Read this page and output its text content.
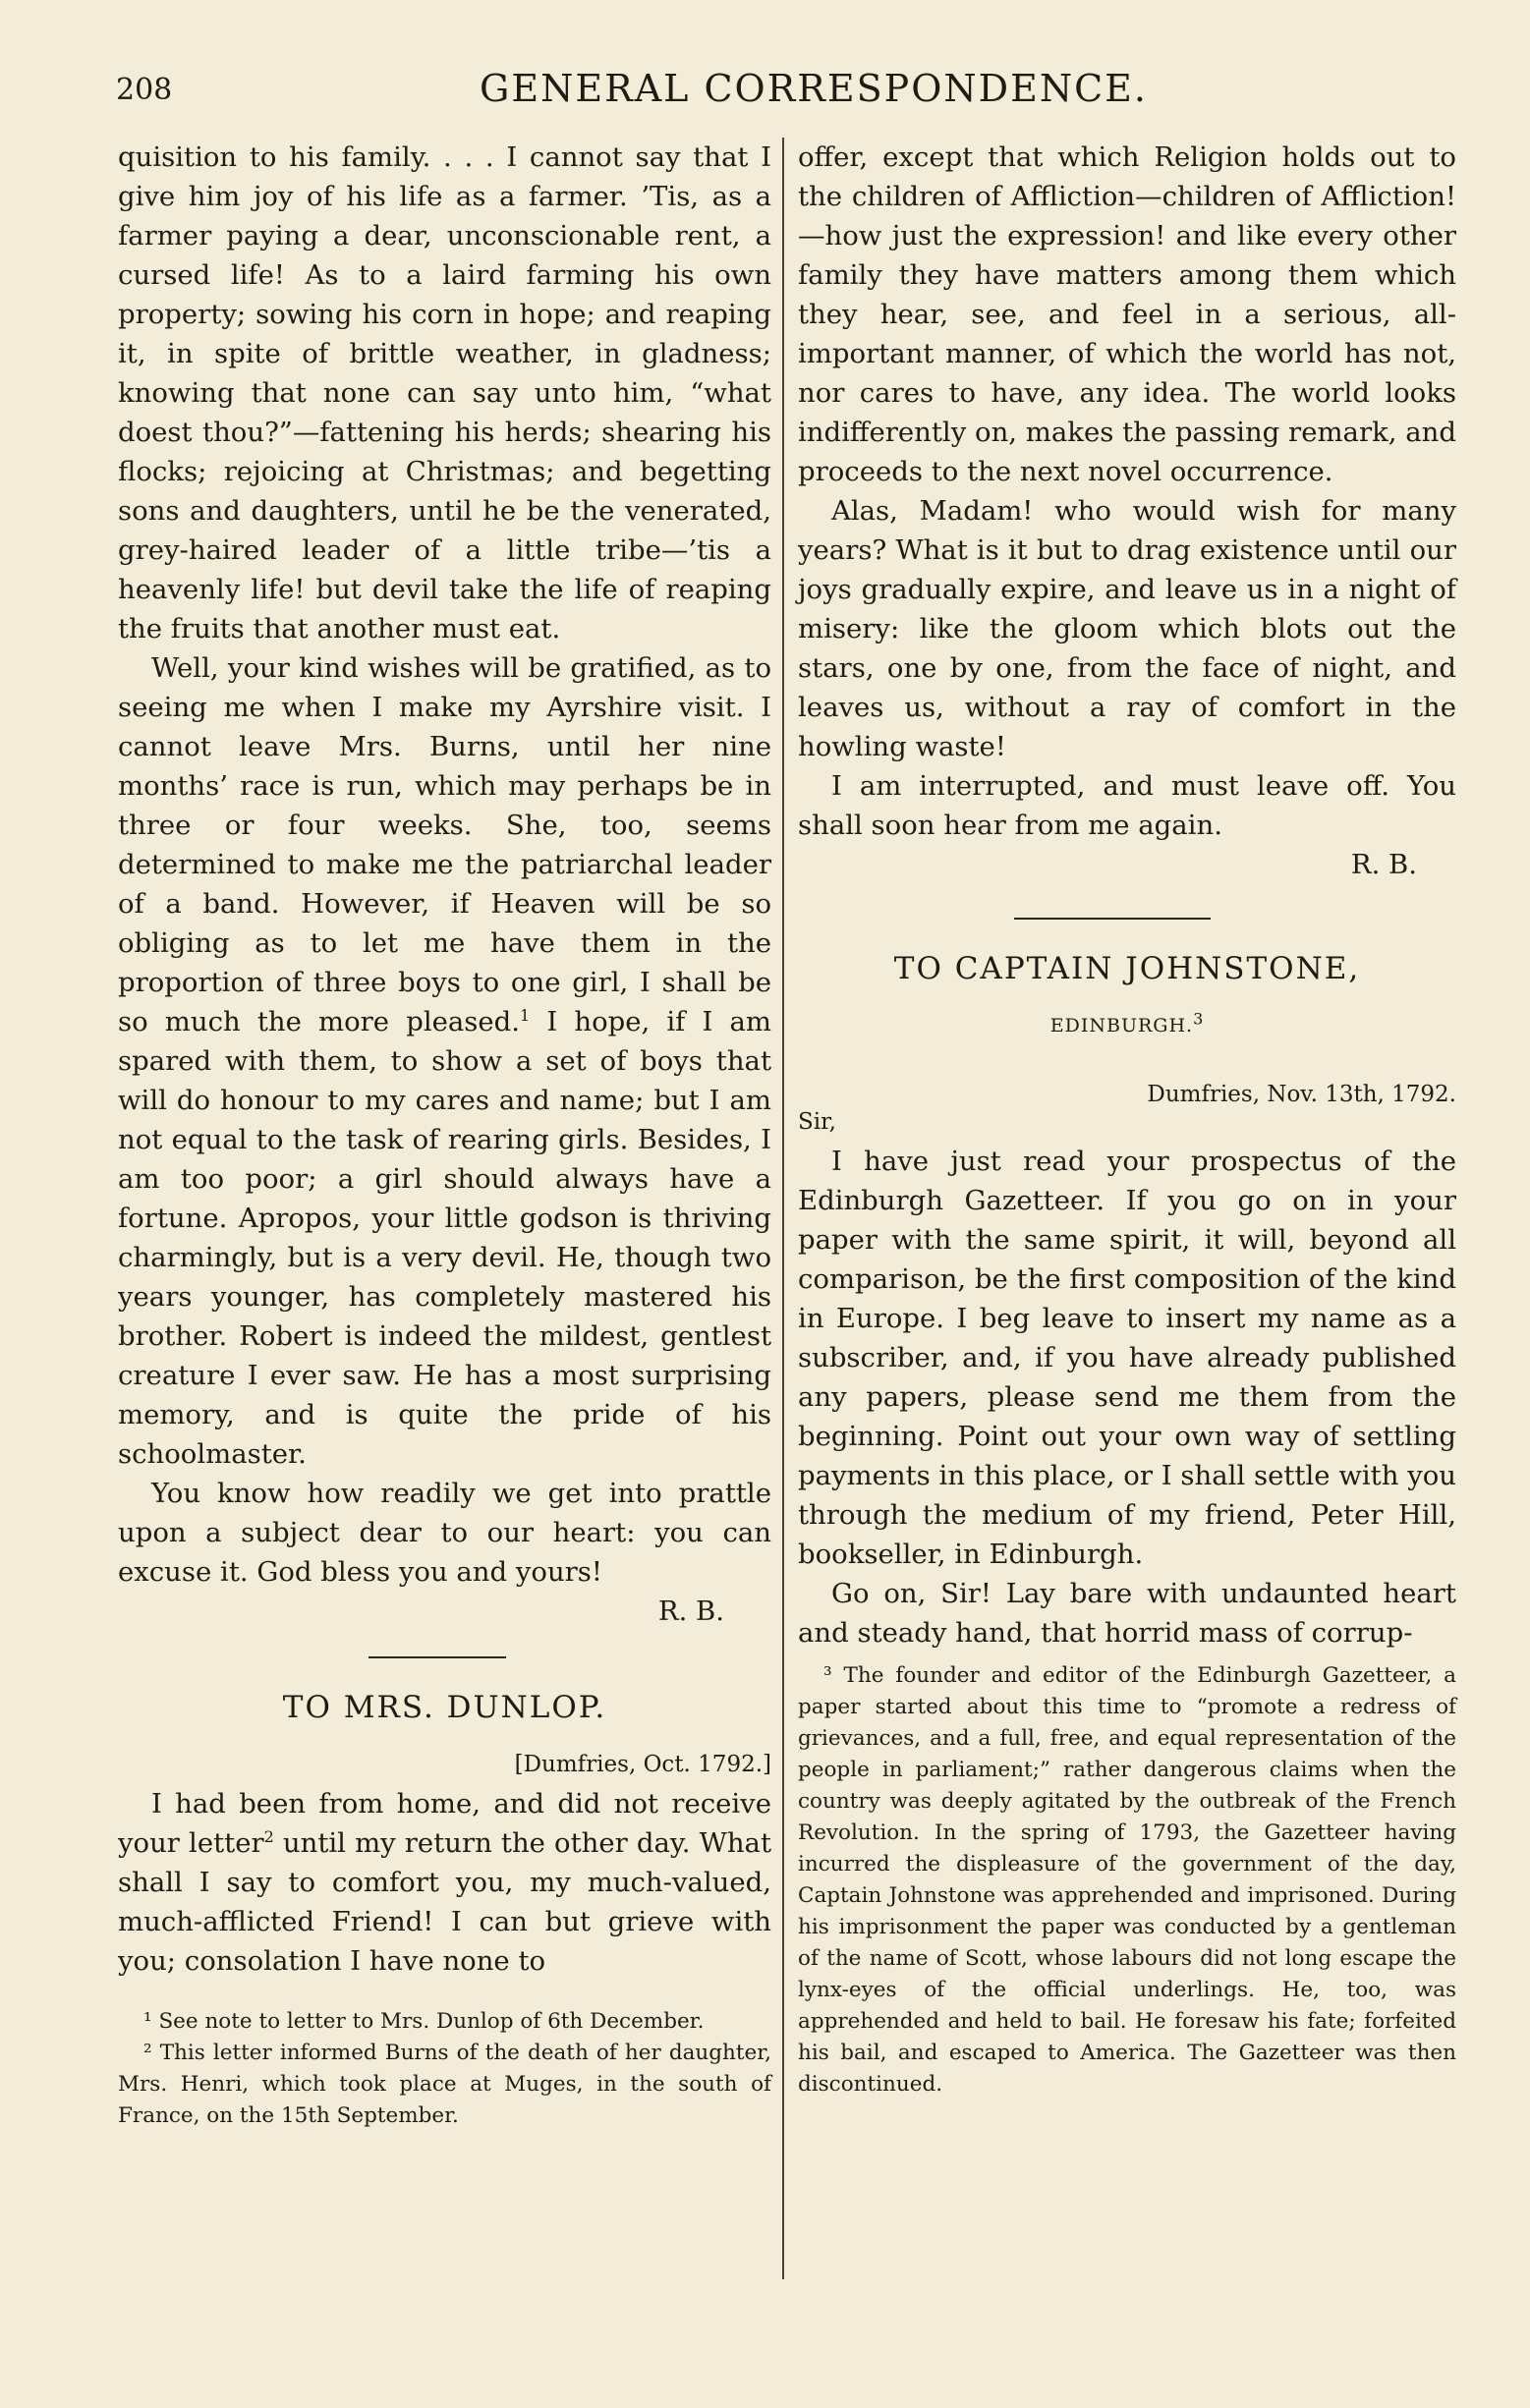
208	GENERAL CORRESPONDENCE.

quisition to his family. . . . I cannot say that I give him joy of his life as a farmer. ’Tis, as a farmer paying a dear, unconscionable rent, a cursed life! As to a laird farming his own property; sowing his corn in hope; and reaping it, in spite of brittle weather, in gladness; knowing that none can say unto him, “what doest thou?”—fattening his herds; shearing his flocks; rejoicing at Christmas; and begetting sons and daughters, until he be the venerated, grey-haired leader of a little tribe—’tis a heavenly life! but devil take the life of reaping the fruits that another must eat.

Well, your kind wishes will be gratified, as to seeing me when I make my Ayrshire visit. I cannot leave Mrs. Burns, until her nine months’ race is run, which may perhaps be in three or four weeks. She, too, seems determined to make me the patriarchal leader of a band. However, if Heaven will be so obliging as to let me have them in the proportion of three boys to one girl, I shall be so much the more pleased.$^1$ I hope, if I am spared with them, to show a set of boys that will do honour to my cares and name; but I am not equal to the task of rearing girls. Besides, I am too poor; a girl should always have a fortune. Apropos, your little godson is thriving charmingly, but is a very devil. He, though two years younger, has completely mastered his brother. Robert is indeed the mildest, gentlest creature I ever saw. He has a most surprising memory, and is quite the pride of his schoolmaster.

You know how readily we get into prattle upon a subject dear to our heart: you can excuse it. God bless you and yours!

R. B.

TO MRS. DUNLOP.

[Dumfries, Oct. 1792.]

I had been from home, and did not receive your letter$^2$ until my return the other day. What shall I say to comfort you, my much-valued, much-afflicted Friend! I can but grieve with you; consolation I have none to

¹ See note to letter to Mrs. Dunlop of 6th December.

² This letter informed Burns of the death of her daughter, Mrs. Henri, which took place at Muges, in the south of France, on the 15th September.

offer, except that which Religion holds out to the children of Affliction—children of Affliction!—how just the expression! and like every other family they have matters among them which they hear, see, and feel in a serious, all-important manner, of which the world has not, nor cares to have, any idea. The world looks indifferently on, makes the passing remark, and proceeds to the next novel occurrence.

Alas, Madam! who would wish for many years? What is it but to drag existence until our joys gradually expire, and leave us in a night of misery: like the gloom which blots out the stars, one by one, from the face of night, and leaves us, without a ray of comfort in the howling waste!

I am interrupted, and must leave off. You shall soon hear from me again.

R. B.

TO CAPTAIN JOHNSTONE,
EDINBURGH.$^3$

Dumfries, Nov. 13th, 1792.

Sir,

I have just read your prospectus of the Edinburgh Gazetteer. If you go on in your paper with the same spirit, it will, beyond all comparison, be the first composition of the kind in Europe. I beg leave to insert my name as a subscriber, and, if you have already published any papers, please send me them from the beginning. Point out your own way of settling payments in this place, or I shall settle with you through the medium of my friend, Peter Hill, bookseller, in Edinburgh.

Go on, Sir! Lay bare with undaunted heart and steady hand, that horrid mass of corrup-

³ The founder and editor of the Edinburgh Gazetteer, a paper started about this time to “promote a redress of grievances, and a full, free, and equal representation of the people in parliament;” rather dangerous claims when the country was deeply agitated by the outbreak of the French Revolution. In the spring of 1793, the Gazetteer having incurred the displeasure of the government of the day, Captain Johnstone was apprehended and imprisoned. During his imprisonment the paper was conducted by a gentleman of the name of Scott, whose labours did not long escape the lynx-eyes of the official underlings. He, too, was apprehended and held to bail. He foresaw his fate; forfeited his bail, and escaped to America. The Gazetteer was then discontinued.
